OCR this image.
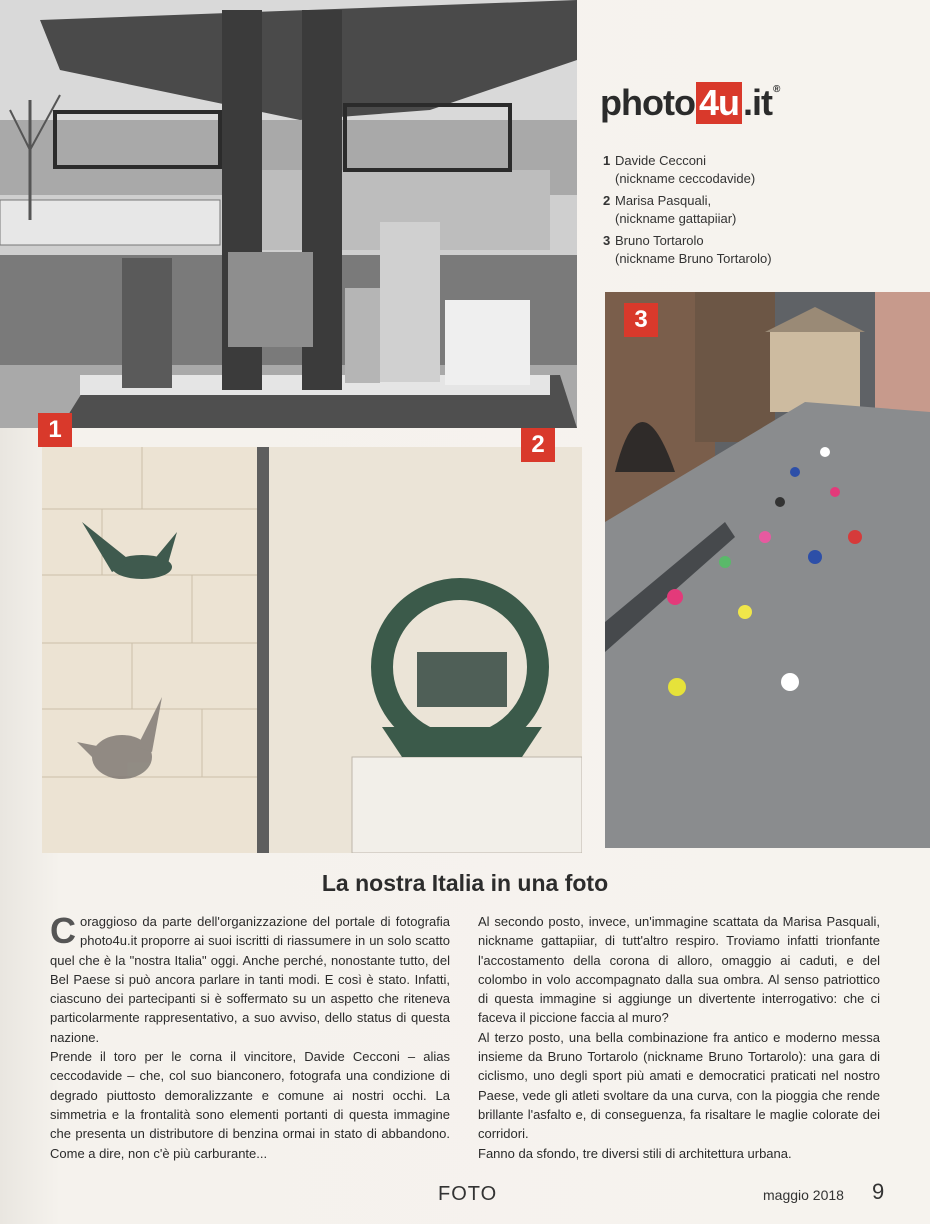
1
2
3
photo 4u .it ®
1 Davide Cecconi
(nickname ceccodavide)
2 Marisa Pasquali,
(nickname gattapiiar)
3 Bruno Tortarolo
(nickname Bruno Tortarolo)
La nostra Italia in una foto

Coraggioso da parte dell'organizzazione del portale di fotografia photo4u.it proporre ai suoi iscritti di riassumere in un solo scatto quel che è la "nostra Italia" oggi. Anche perché, nonostante tutto, del Bel Paese si può ancora parlare in tanti modi. E così è stato. Infatti, ciascuno dei partecipanti si è soffermato su un aspetto che riteneva particolarmente rappresentativo, a suo avviso, dello status di questa nazione.

Prende il toro per le corna il vincitore, Davide Cecconi – alias ceccodavide – che, col suo bianconero, fotografa una condizione di degrado piuttosto demoralizzante e comune ai nostri occhi. La simmetria e la frontalità sono elementi portanti di questa immagine che presenta un distributore di benzina ormai in stato di abbandono. Come a dire, non c'è più carburante...

Al secondo posto, invece, un'immagine scattata da Marisa Pasquali, nickname gattapiiar, di tutt'altro respiro. Troviamo infatti trionfante l'accostamento della corona di alloro, omaggio ai caduti, e del colombo in volo accompagnato dalla sua ombra. Al senso patriottico di questa immagine si aggiunge un divertente interrogativo: che ci faceva il piccione faccia al muro?

Al terzo posto, una bella combinazione fra antico e moderno messa insieme da Bruno Tortarolo (nickname Bruno Tortarolo): una gara di ciclismo, uno degli sport più amati e democratici praticati nel nostro Paese, vede gli atleti svoltare da una curva, con la pioggia che rende brillante l'asfalto e, di conseguenza, fa risaltare le maglie colorate dei corridori.

Fanno da sfondo, tre diversi stili di architettura urbana.

FOTO	maggio 2018 9
